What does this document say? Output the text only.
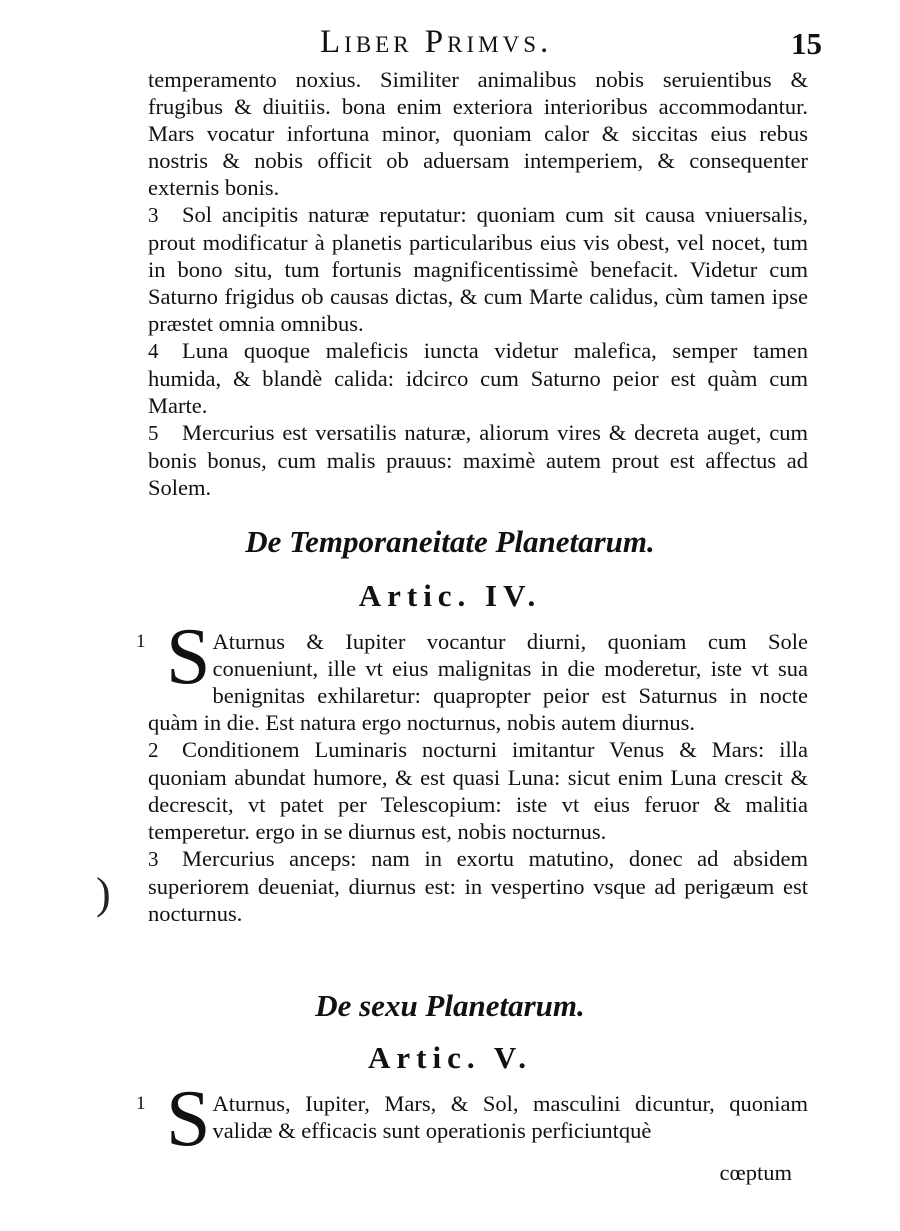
Liber Primvs.	15

temperamento noxius. Similiter animalibus nobis seruientibus & frugibus & diuitiis. bona enim exteriora interioribus accommodantur. Mars vocatur infortuna minor, quoniam calor & siccitas eius rebus nostris & nobis officit ob aduersam intemperiem, & consequenter externis bonis.

3 Sol ancipitis naturæ reputatur: quoniam cum sit causa vniuersalis, prout modificatur à planetis particularibus eius vis obest, vel nocet, tum in bono situ, tum fortunis magnificentissimè benefacit. Videtur cum Saturno frigidus ob causas dictas, & cum Marte calidus, cùm tamen ipse præstet omnia omnibus.

4 Luna quoque maleficis iuncta videtur malefica, semper tamen humida, & blandè calida: idcirco cum Saturno peior est quàm cum Marte.

5 Mercurius est versatilis naturæ, aliorum vires & decreta auget, cum bonis bonus, cum malis prauus: maximè autem prout est affectus ad Solem.

De Temporaneitate Planetarum.
Artic. IV.
1 S Aturnus & Iupiter vocantur diurni, quoniam cum Sole conueniunt, ille vt eius malignitas in die moderetur, iste vt sua benignitas exhilaretur: quapropter peior est Saturnus in nocte quàm in die. Est natura ergo nocturnus, nobis autem diurnus.

2 Conditionem Luminaris nocturni imitantur Venus & Mars: illa quoniam abundat humore, & est quasi Luna: sicut enim Luna crescit & decrescit, vt patet per Telescopium: iste vt eius feruor & malitia temperetur. ergo in se diurnus est, nobis nocturnus.

3 Mercurius anceps: nam in exortu matutino, donec ad absidem superiorem deueniat, diurnus est: in vespertino vsque ad perigæum est nocturnus.

)
De sexu Planetarum.
Artic. V.
1 S Aturnus, Iupiter, Mars, & Sol, masculini dicuntur, quoniam validæ & efficacis sunt operationis perficiuntquè
cœptum
